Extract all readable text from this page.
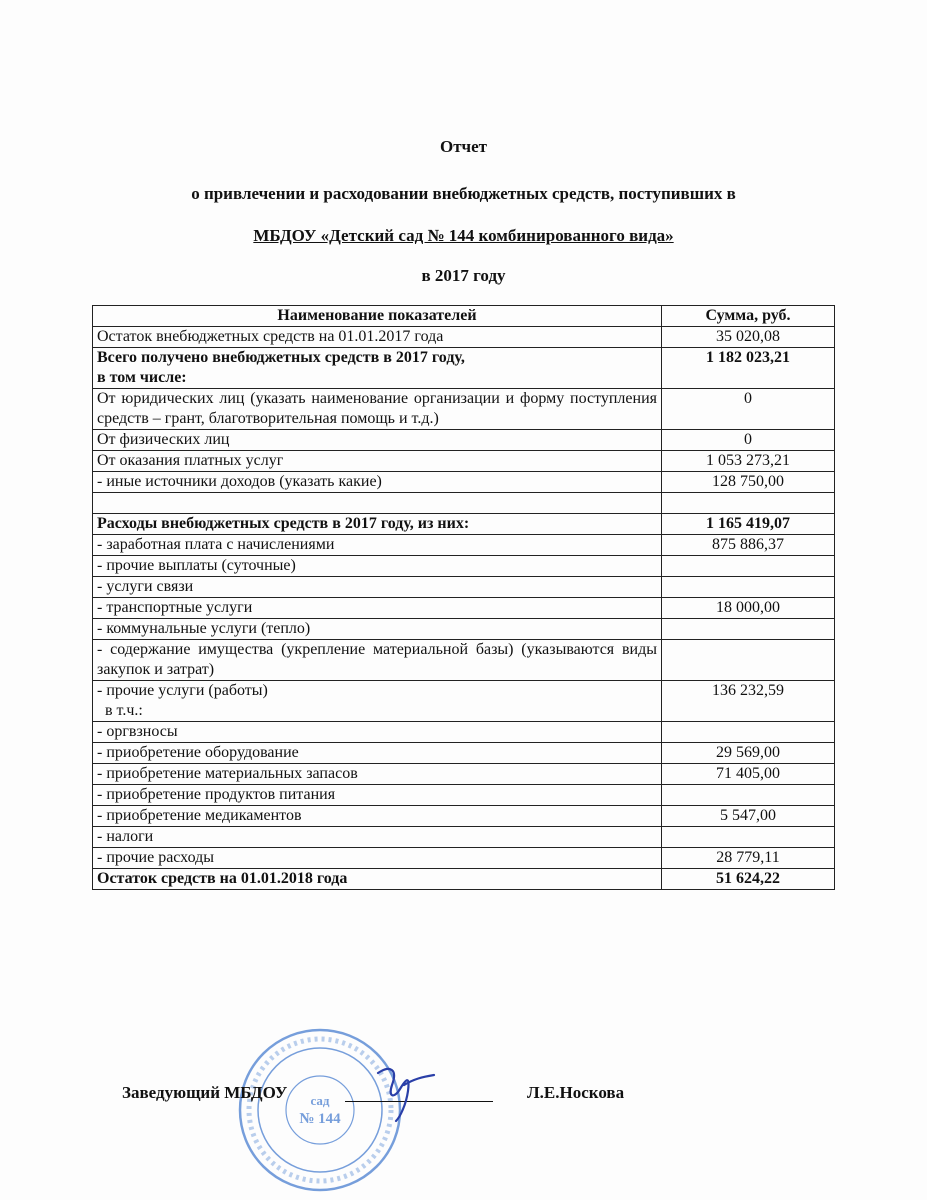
Отчет
о привлечении и расходовании внебюджетных средств, поступивших в
МБДОУ «Детский сад № 144 комбинированного вида»
в 2017 году
Наименование показателей	Сумма, руб.
Остаток внебюджетных средств на 01.01.2017 года	35 020,08

Всего получено внебюджетных средств в 2017 году,
в том числе:	1 182 023,21
От юридических лиц (указать наименование организации и форму поступления средств – грант, благотворительная помощь и т.д.)	0
От физических лиц	0
От оказания платных услуг	1 053 273,21
- иные источники доходов (указать какие)	128 750,00

Расходы внебюджетных средств в 2017 году, из них:	1 165 419,07
- заработная плата с начислениями	875 886,37
- прочие выплаты (суточные)	
- услуги связи	
- транспортные услуги	18 000,00
- коммунальные услуги (тепло)	
- содержание имущества (укрепление материальной базы) (указываются виды закупок и затрат)	

- прочие услуги (работы)
в т.ч.:	136 232,59
- оргвзносы	
- приобретение оборудование	29 569,00
- приобретение материальных запасов	71 405,00
- приобретение продуктов питания	
- приобретение медикаментов	5 547,00
- налоги	
- прочие расходы	28 779,11
Остаток средств на 01.01.2018 года	51 624,22
сад
№ 144
Заведующий МБДОУ	Л.Е.Носкова
